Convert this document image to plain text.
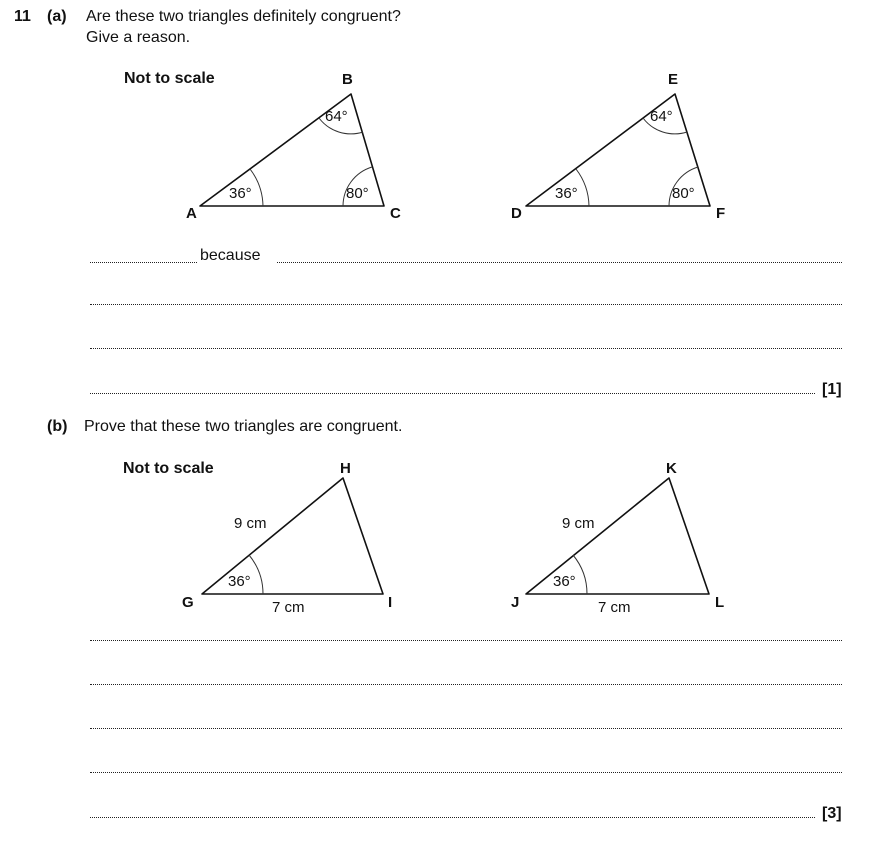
11 (a) Are these two triangles definitely congruent?
Give a reason.
Not to scale
A
B
C	D
E
F
36°
64°
80°	36°
64°
80°
because
[1]
(b) Prove that these two triangles are congruent.
Not to scale
G
H
I	J
K
L
9 cm
36°
7 cm
9 cm
36°
7 cm
[3]
